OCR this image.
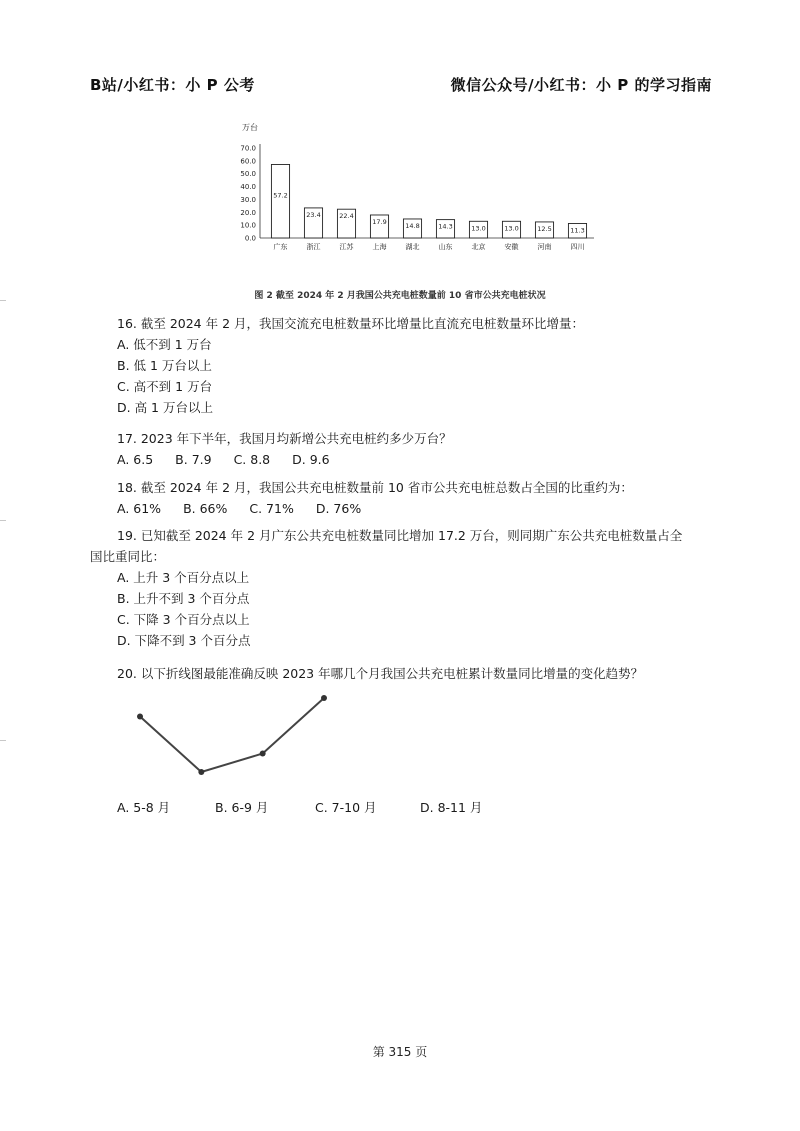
B站/小红书：小 P 公考	微信公众号/小红书：小 P 的学习指南
万台
0.0
10.0
20.0
30.0
40.0
50.0
60.0
70.0
57.2
广东
23.4
浙江
22.4
江苏
17.9
上海
14.8
湖北
14.3
山东
13.0
北京
13.0
安徽
12.5
河南
11.3
四川
图 2 截至 2024 年 2 月我国公共充电桩数量前 10 省市公共充电桩状况

16. 截至 2024 年 2 月，我国交流充电桩数量环比增量比直流充电桩数量环比增量：

A. 低不到 1 万台

B. 低 1 万台以上

C. 高不到 1 万台

D. 高 1 万台以上

17. 2023 年下半年，我国月均新增公共充电桩约多少万台？

A. 6.5 B. 7.9 C. 8.8 D. 9.6

18. 截至 2024 年 2 月，我国公共充电桩数量前 10 省市公共充电桩总数占全国的比重约为：

A. 61% B. 66% C. 71% D. 76%

19. 已知截至 2024 年 2 月广东公共充电桩数量同比增加 17.2 万台，则同期广东公共充电桩数量占全

国比重同比：

A. 上升 3 个百分点以上

B. 上升不到 3 个百分点

C. 下降 3 个百分点以上

D. 下降不到 3 个百分点

20. 以下折线图最能准确反映 2023 年哪几个月我国公共充电桩累计数量同比增量的变化趋势？

A. 5-8 月	B. 6-9 月	C. 7-10 月	D. 8-11 月
第 315 页
